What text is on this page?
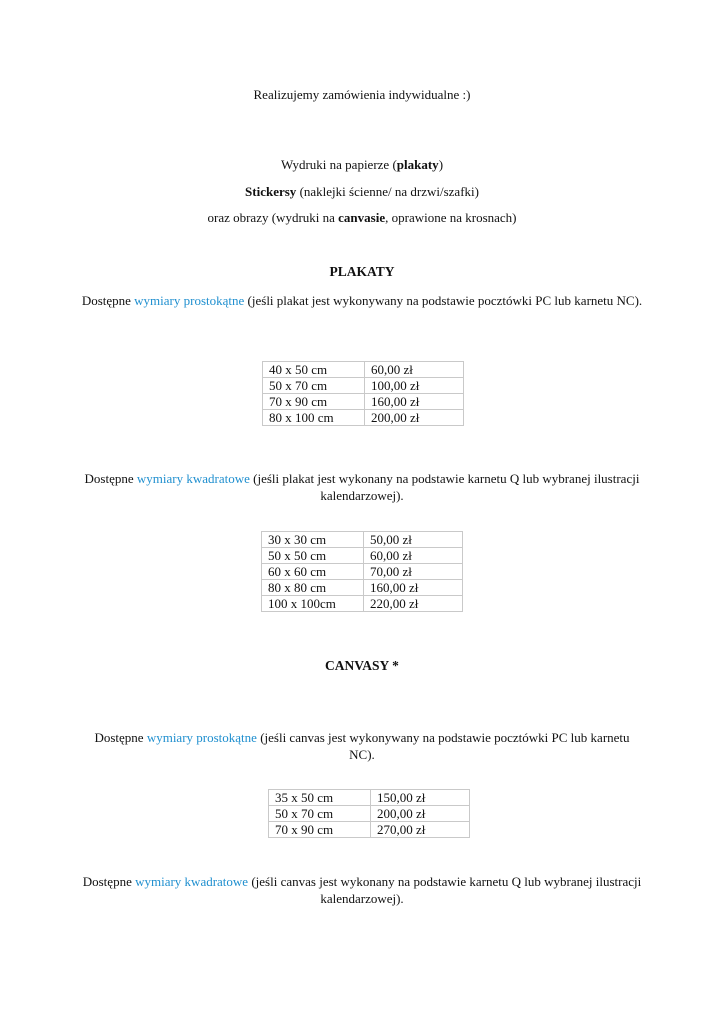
Realizujemy zamówienia indywidualne :)
Wydruki na papierze (plakaty)
Stickersy (naklejki ścienne/ na drzwi/szafki)
oraz obrazy (wydruki na canvasie, oprawione na krosnach)
PLAKATY
Dostępne wymiary prostokątne (jeśli plakat jest wykonywany na podstawie pocztówki PC lub karnetu NC).
40 x 50 cm	60,00 zł
50 x 70 cm	100,00 zł
70 x 90 cm	160,00 zł
80 x 100 cm	200,00 zł
Dostępne wymiary kwadratowe (jeśli plakat jest wykonany na podstawie karnetu Q lub wybranej ilustracji kalendarzowej).
30 x 30 cm	50,00 zł
50 x 50 cm	60,00 zł
60 x 60 cm	70,00 zł
80 x 80 cm	160,00 zł
100 x 100cm	220,00 zł
CANVASY *
Dostępne wymiary prostokątne (jeśli canvas jest wykonywany na podstawie pocztówki PC lub karnetu NC).
35 x 50 cm	150,00 zł
50 x 70 cm	200,00 zł
70 x 90 cm	270,00 zł
Dostępne wymiary kwadratowe (jeśli canvas jest wykonany na podstawie karnetu Q lub wybranej ilustracji kalendarzowej).
